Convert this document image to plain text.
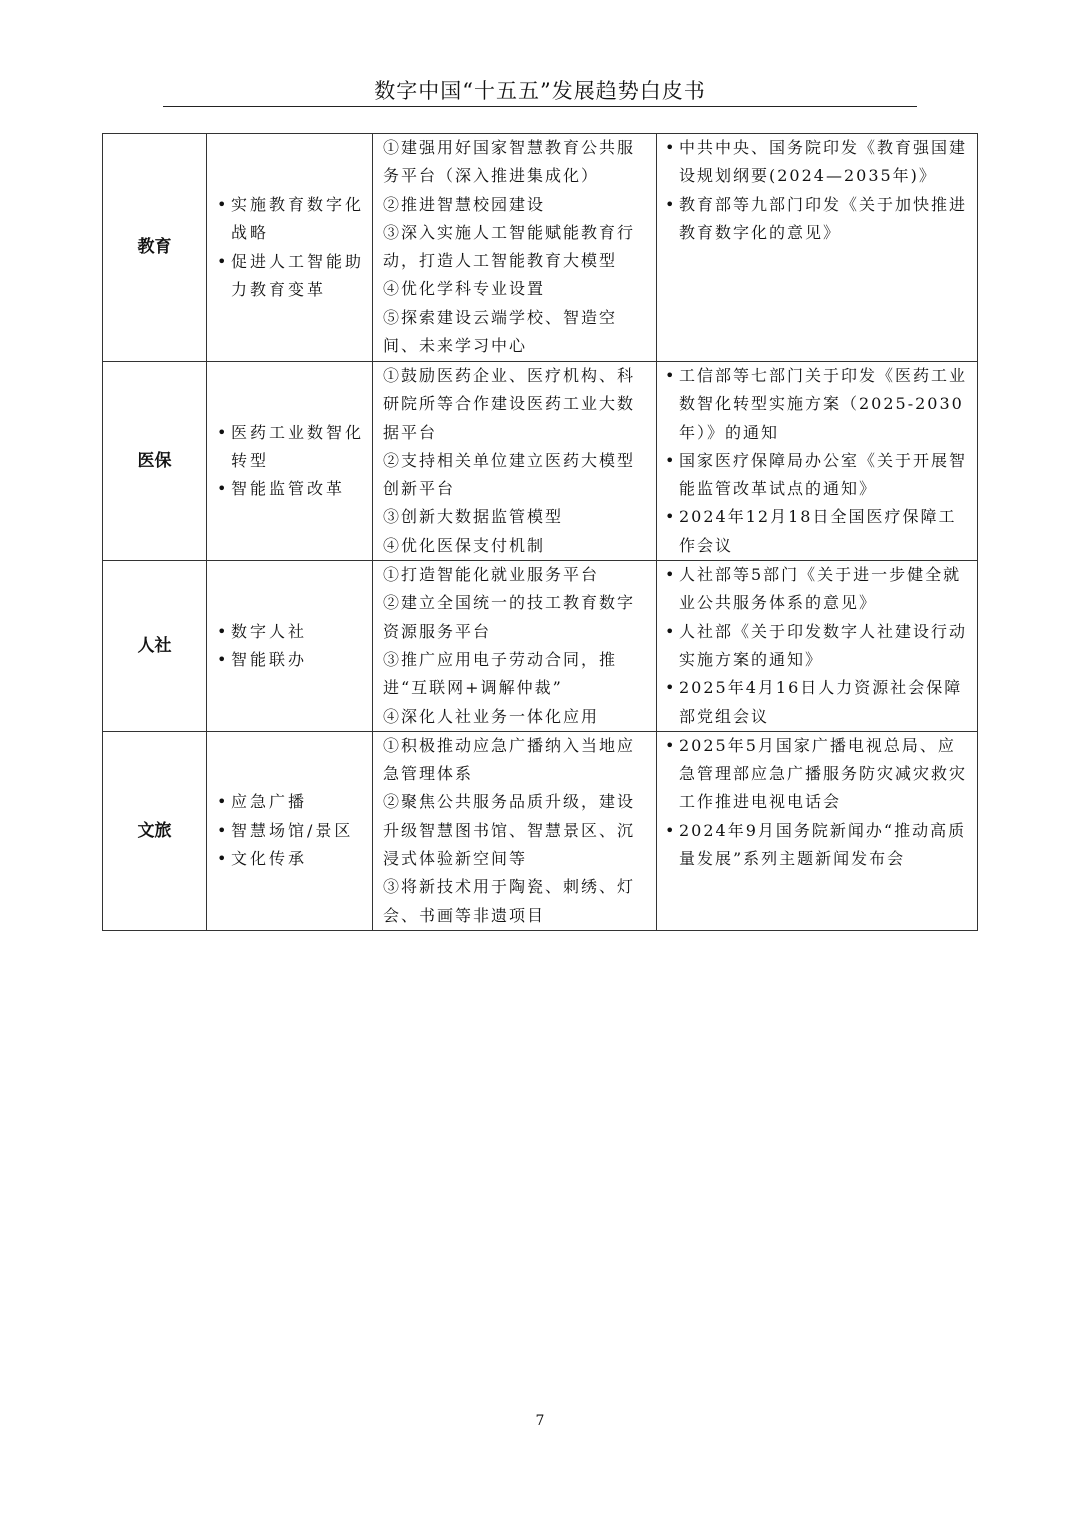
数字中国“十五五”发展趋势白皮书
教育	• 实施教育数字化战略
• 促进人工智能助力教育变革	①建强用好国家智慧教育公共服务平台（深入推进集成化）
②推进智慧校园建设
③深入实施人工智能赋能教育行动，打造人工智能教育大模型
④优化学科专业设置
⑤探索建设云端学校、智造空间、未来学习中心	• 中共中央、国务院印发《教育强国建设规划纲要(2024—2035年)》
• 教育部等九部门印发《关于加快推进教育数字化的意见》

医保	• 医药工业数智化转型
• 智能监管改革	①鼓励医药企业、医疗机构、科研院所等合作建设医药工业大数据平台
②支持相关单位建立医药大模型创新平台
③创新大数据监管模型
④优化医保支付机制	• 工信部等七部门关于印发《医药工业数智化转型实施方案（2025-2030年）》的通知
• 国家医疗保障局办公室《关于开展智能监管改革试点的通知》
• 2024年12月18日全国医疗保障工作会议

人社	• 数字人社
• 智能联办	①打造智能化就业服务平台
②建立全国统一的技工教育数字资源服务平台
③推广应用电子劳动合同，推进“互联网+调解仲裁”
④深化人社业务一体化应用	• 人社部等5部门《关于进一步健全就业公共服务体系的意见》
• 人社部《关于印发数字人社建设行动实施方案的通知》
• 2025年4月16日人力资源社会保障部党组会议

文旅	• 应急广播
• 智慧场馆/景区
• 文化传承	①积极推动应急广播纳入当地应急管理体系
②聚焦公共服务品质升级，建设升级智慧图书馆、智慧景区、沉浸式体验新空间等
③将新技术用于陶瓷、刺绣、灯会、书画等非遗项目	• 2025年5月国家广播电视总局、应急管理部应急广播服务防灾减灾救灾工作推进电视电话会
• 2024年9月国务院新闻办“推动高质量发展”系列主题新闻发布会
7
